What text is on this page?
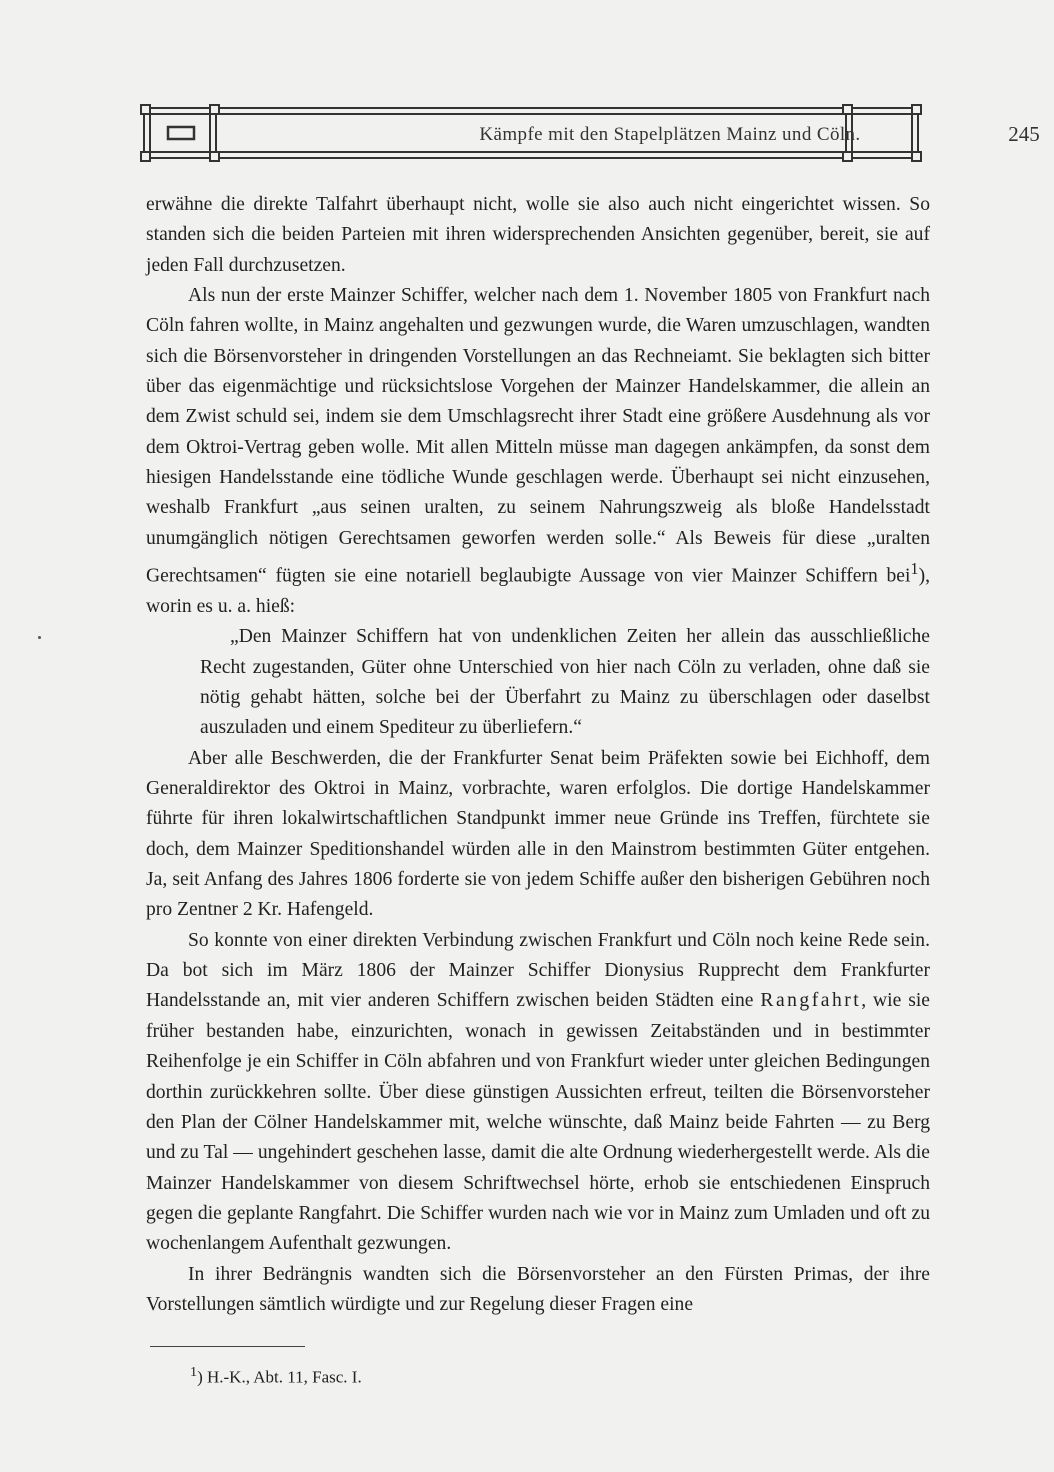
Kämpfe mit den Stapelplätzen Mainz und Cöln.	245

erwähne die direkte Talfahrt überhaupt nicht, wolle sie also auch nicht eingerichtet wissen. So standen sich die beiden Parteien mit ihren widersprechenden Ansichten gegenüber, bereit, sie auf jeden Fall durchzusetzen.

Als nun der erste Mainzer Schiffer, welcher nach dem 1. November 1805 von Frankfurt nach Cöln fahren wollte, in Mainz angehalten und gezwungen wurde, die Waren umzuschlagen, wandten sich die Börsenvorsteher in dringenden Vorstellungen an das Rechneiamt. Sie beklagten sich bitter über das eigenmächtige und rücksichtslose Vorgehen der Mainzer Handelskammer, die allein an dem Zwist schuld sei, indem sie dem Umschlagsrecht ihrer Stadt eine größere Ausdehnung als vor dem Oktroi-Vertrag geben wolle. Mit allen Mitteln müsse man dagegen ankämpfen, da sonst dem hiesigen Handelsstande eine tödliche Wunde geschlagen werde. Überhaupt sei nicht einzusehen, weshalb Frankfurt „aus seinen uralten, zu seinem Nahrungszweig als bloße Handelsstadt unumgänglich nötigen Gerechtsamen geworfen werden solle.“ Als Beweis für diese „uralten Gerechtsamen“ fügten sie eine notariell beglaubigte Aussage von vier Mainzer Schiffern bei$^1$), worin es u. a. hieß:

„Den Mainzer Schiffern hat von undenklichen Zeiten her allein das ausschließliche Recht zugestanden, Güter ohne Unterschied von hier nach Cöln zu verladen, ohne daß sie nötig gehabt hätten, solche bei der Überfahrt zu Mainz zu überschlagen oder daselbst auszuladen und einem Spediteur zu überliefern.“

Aber alle Beschwerden, die der Frankfurter Senat beim Präfekten sowie bei Eichhoff, dem Generaldirektor des Oktroi in Mainz, vorbrachte, waren erfolglos. Die dortige Handelskammer führte für ihren lokalwirtschaftlichen Standpunkt immer neue Gründe ins Treffen, fürchtete sie doch, dem Mainzer Speditionshandel würden alle in den Mainstrom bestimmten Güter entgehen. Ja, seit Anfang des Jahres 1806 forderte sie von jedem Schiffe außer den bisherigen Gebühren noch pro Zentner 2 Kr. Hafengeld.

So konnte von einer direkten Verbindung zwischen Frankfurt und Cöln noch keine Rede sein. Da bot sich im März 1806 der Mainzer Schiffer Dionysius Rupprecht dem Frankfurter Handelsstande an, mit vier anderen Schiffern zwischen beiden Städten eine Rangfahrt, wie sie früher bestanden habe, einzurichten, wonach in gewissen Zeitabständen und in bestimmter Reihenfolge je ein Schiffer in Cöln abfahren und von Frankfurt wieder unter gleichen Bedingungen dorthin zurückkehren sollte. Über diese günstigen Aussichten erfreut, teilten die Börsenvorsteher den Plan der Cölner Handelskammer mit, welche wünschte, daß Mainz beide Fahrten — zu Berg und zu Tal — ungehindert geschehen lasse, damit die alte Ordnung wiederhergestellt werde. Als die Mainzer Handelskammer von diesem Schriftwechsel hörte, erhob sie entschiedenen Einspruch gegen die geplante Rangfahrt. Die Schiffer wurden nach wie vor in Mainz zum Umladen und oft zu wochenlangem Aufenthalt gezwungen.

In ihrer Bedrängnis wandten sich die Börsenvorsteher an den Fürsten Primas, der ihre Vorstellungen sämtlich würdigte und zur Regelung dieser Fragen eine

$^1$) H.-K., Abt. 11, Fasc. I.
